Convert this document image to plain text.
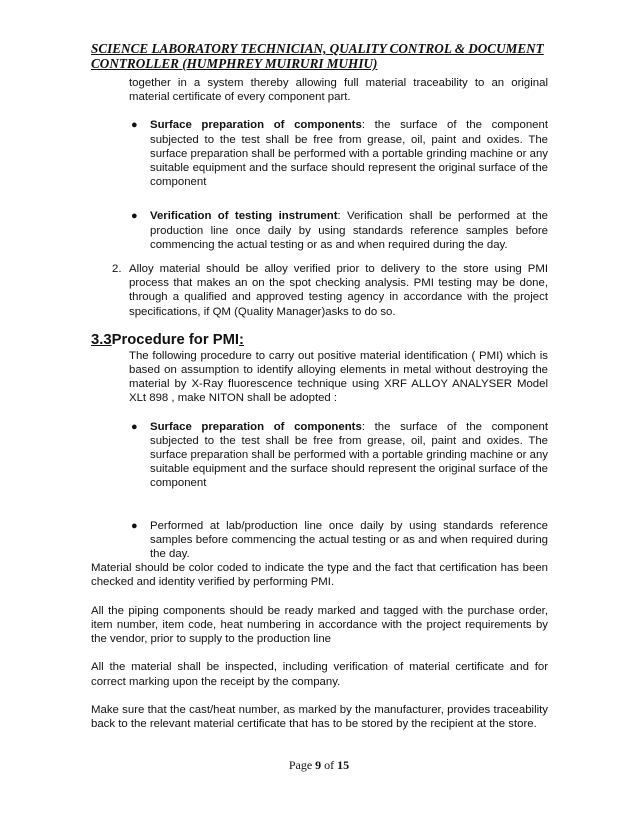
SCIENCE LABORATORY TECHNICIAN, QUALITY CONTROL & DOCUMENT
CONTROLLER (HUMPHREY MUIRURI MUHIU)

together in a system thereby allowing full material traceability to an original material certificate of every component part.

● Surface preparation of components: the surface of the component subjected to the test shall be free from grease, oil, paint and oxides. The surface preparation shall be performed with a portable grinding machine or any suitable equipment and the surface should represent the original surface of the component

● Verification of testing instrument: Verification shall be performed at the production line once daily by using standards reference samples before commencing the actual testing or as and when required during the day.

2. Alloy material should be alloy verified prior to delivery to the store using PMI process that makes an on the spot checking analysis. PMI testing may be done, through a qualified and approved testing agency in accordance with the project specifications, if QM (Quality Manager)asks to do so.

3.3Procedure for PMI:

The following procedure to carry out positive material identification ( PMI) which is based on assumption to identify alloying elements in metal without destroying the material by X-Ray fluorescence technique using XRF ALLOY ANALYSER Model XLt 898 , make NITON shall be adopted :

● Surface preparation of components: the surface of the component subjected to the test shall be free from grease, oil, paint and oxides. The surface preparation shall be performed with a portable grinding machine or any suitable equipment and the surface should represent the original surface of the component

● Performed at lab/production line once daily by using standards reference samples before commencing the actual testing or as and when required during the day.

Material should be color coded to indicate the type and the fact that certification has been checked and identity verified by performing PMI.

All the piping components should be ready marked and tagged with the purchase order, item number, item code, heat numbering in accordance with the project requirements by the vendor, prior to supply to the production line

All the material shall be inspected, including verification of material certificate and for correct marking upon the receipt by the company.

Make sure that the cast/heat number, as marked by the manufacturer, provides traceability back to the relevant material certificate that has to be stored by the recipient at the store.

Page 9 of 15
